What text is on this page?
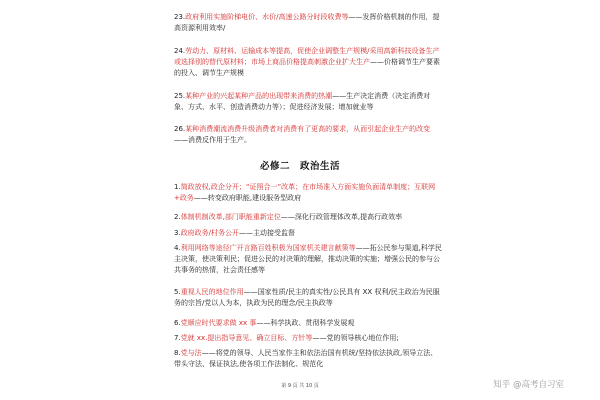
23.政府利用实施阶梯电价、水价/高速公路分时段收费等——发挥价格机制的作用，提高资源利用效率/

24.劳动力、原材料、运输成本等提高，促使企业调整生产规模/采用高新科技设备生产或选择别的替代原材料；市场上商品价格提高刺激企业扩大生产——价格调节生产要素的投入、调节生产规模

25.某种产业的兴起某种产品的出现带来消费的热潮——生产决定消费（决定消费对象、方式、水平、创造消费动力等）；促进经济发展；增加就业等

26.某种消费潮流消费升级消费者对消费有了更高的要求，从而引起企业生产的改变——消费反作用于生产。

必修二　政治生活

1.简政放权,政企分开；“证照合一”改革；在市场准入方面实施负面清单制度；互联网+政务——转变政府职能,建设服务型政府

2.体制机制改革,部门职能重新定位——深化行政管理体改革,提高行政效率

3.政府政务/村务公开——主动接受监督

4.利用网络等途径广开言路百姓积极为国家机关建言献策等——拓公民参与渠道,科学民主决策，使决策利民；促进公民的对决策的理解，推动决策的实施；增强公民的参与公共事务的热情，社会责任感等

5.重视人民的地位作用——国家性质/民主的真实性/公民具有 XX 权利/民主政治为民服务的宗旨/党以人为本，执政为民的理念/民主执政等

6.党顺应时代要求做 xx 事——科学执政、贯彻科学发展观

7.党就 xx.提出指导意见、确立目标、方针等——党的领导核心地位作用;

8.党与法——将党的领导、人民当家作主和依法治国有机统/坚持依法执政,领导立法、带头守法、保证执法,使各项工作法制化、规范化

第 9 页 共 10 页	知乎 @高考自习室
